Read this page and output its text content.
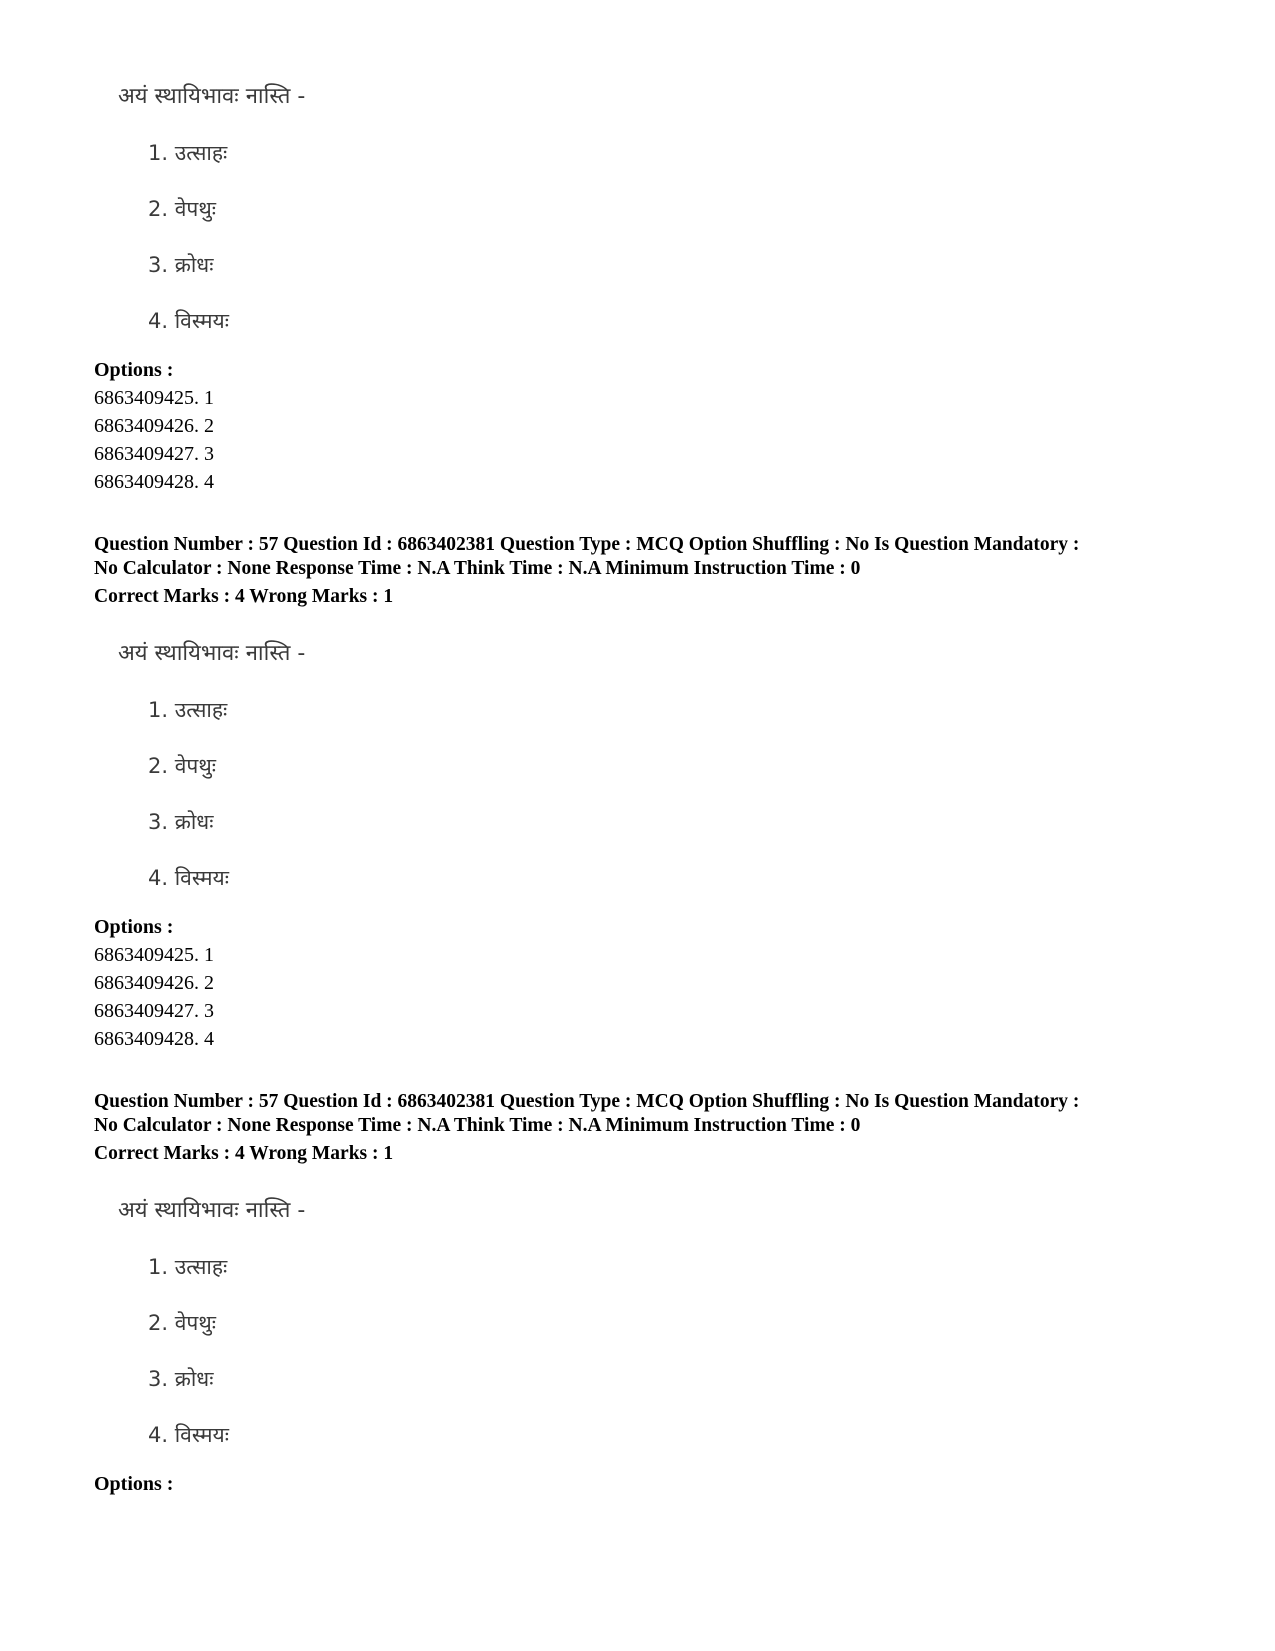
अयं स्थायिभावः नास्ति -
1. उत्साहः
2. वेपथुः
3. क्रोधः
4. विस्मयः
Options :
6863409425. 1
6863409426. 2
6863409427. 3
6863409428. 4
Question Number : 57 Question Id : 6863402381 Question Type : MCQ Option Shuffling : No Is Question Mandatory :
No Calculator : None Response Time : N.A Think Time : N.A Minimum Instruction Time : 0
Correct Marks : 4 Wrong Marks : 1
अयं स्थायिभावः नास्ति -
1. उत्साहः
2. वेपथुः
3. क्रोधः
4. विस्मयः
Options :
6863409425. 1
6863409426. 2
6863409427. 3
6863409428. 4
Question Number : 57 Question Id : 6863402381 Question Type : MCQ Option Shuffling : No Is Question Mandatory :
No Calculator : None Response Time : N.A Think Time : N.A Minimum Instruction Time : 0
Correct Marks : 4 Wrong Marks : 1
अयं स्थायिभावः नास्ति -
1. उत्साहः
2. वेपथुः
3. क्रोधः
4. विस्मयः
Options :
